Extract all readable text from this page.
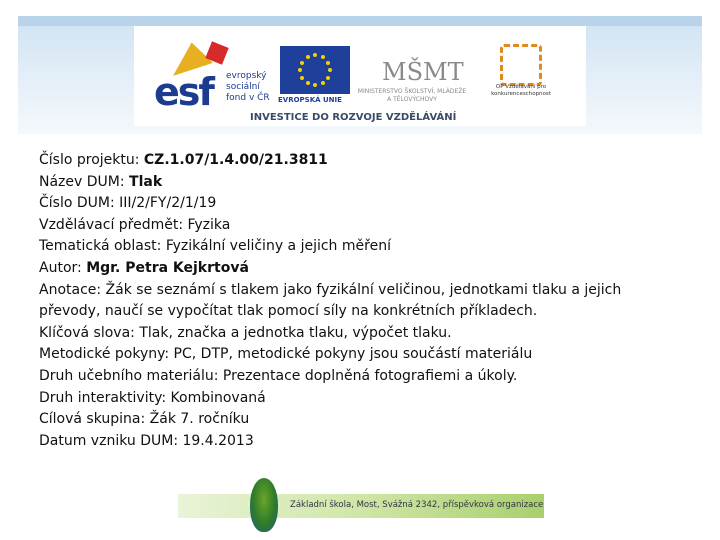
esf evropský
sociální
fond v ČR EVROPSKÁ UNIE
MŠMT
MINISTERSTVO ŠKOLSTVÍ, MLÁDEŽE A TĚLOVÝCHOVY
OP Vzdělávání pro konkurenceschopnost
INVESTICE DO ROZVOJE VZDĚLÁVÁNÍ
Číslo projektu: CZ.1.07/1.4.00/21.3811
Název DUM: Tlak
Číslo DUM: III/2/FY/2/1/19
Vzdělávací předmět: Fyzika
Tematická oblast: Fyzikální veličiny a jejich měření
Autor: Mgr. Petra Kejkrtová
Anotace: Žák se seznámí s tlakem jako fyzikální veličinou, jednotkami tlaku a jejich
převody, naučí se vypočítat tlak pomocí síly na konkrétních příkladech.
Klíčová slova: Tlak, značka a jednotka tlaku, výpočet tlaku.
Metodické pokyny: PC, DTP, metodické pokyny jsou součástí materiálu
Druh učebního materiálu: Prezentace doplněná fotografiemi a úkoly.
Druh interaktivity: Kombinovaná
Cílová skupina: Žák 7. ročníku
Datum vzniku DUM: 19.4.2013
Základní škola, Most, Svážná 2342, příspěvková organizace
